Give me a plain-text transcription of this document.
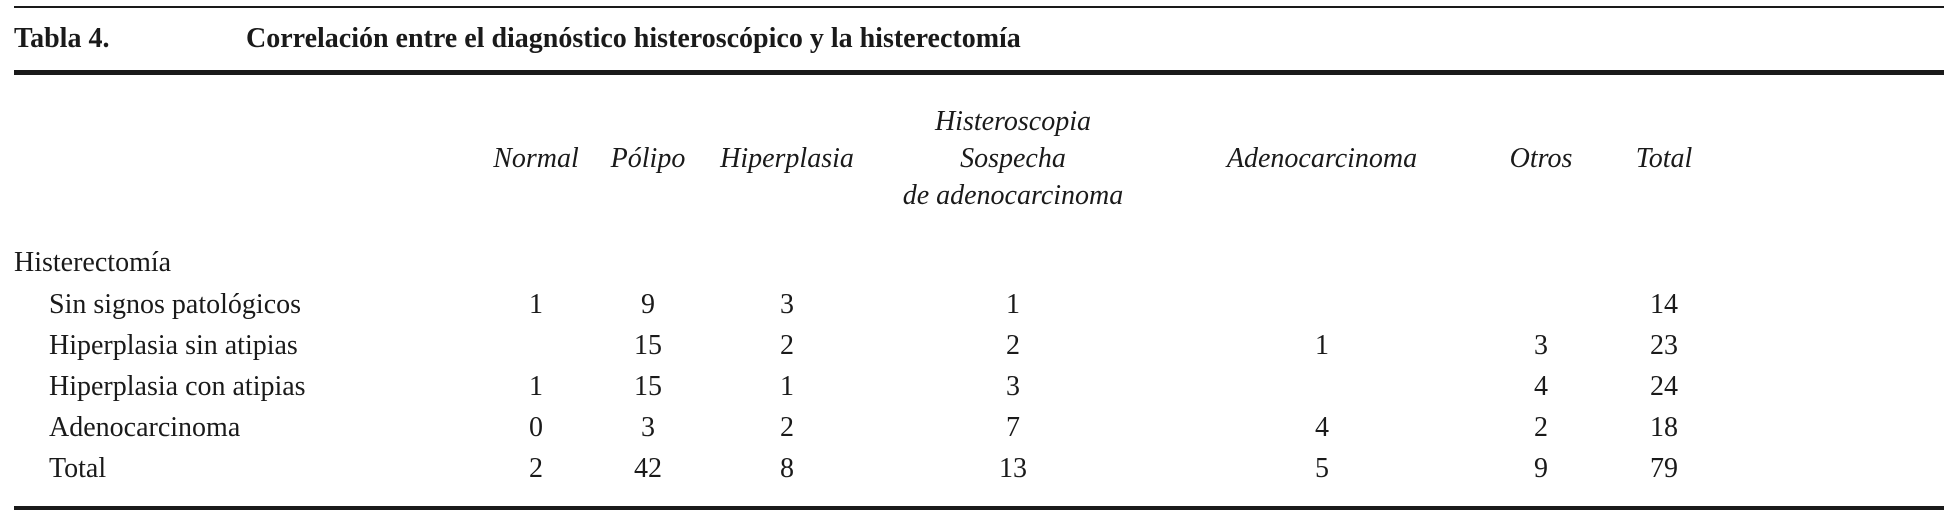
Tabla 4.	Correlación entre el diagnóstico histeroscópico y la histerectomía
	Normal	Pólipo	Hiperplasia	Histeroscopia
Sospecha
de adenocarcinoma	Adenocarcinoma	Otros	Total	
Histerectomía								
Sin signos patológicos	1	9	3	1			14	
Hiperplasia sin atipias		15	2	2	1	3	23	
Hiperplasia con atipias	1	15	1	3		4	24	
Adenocarcinoma	0	3	2	7	4	2	18	
Total	2	42	8	13	5	9	79	
